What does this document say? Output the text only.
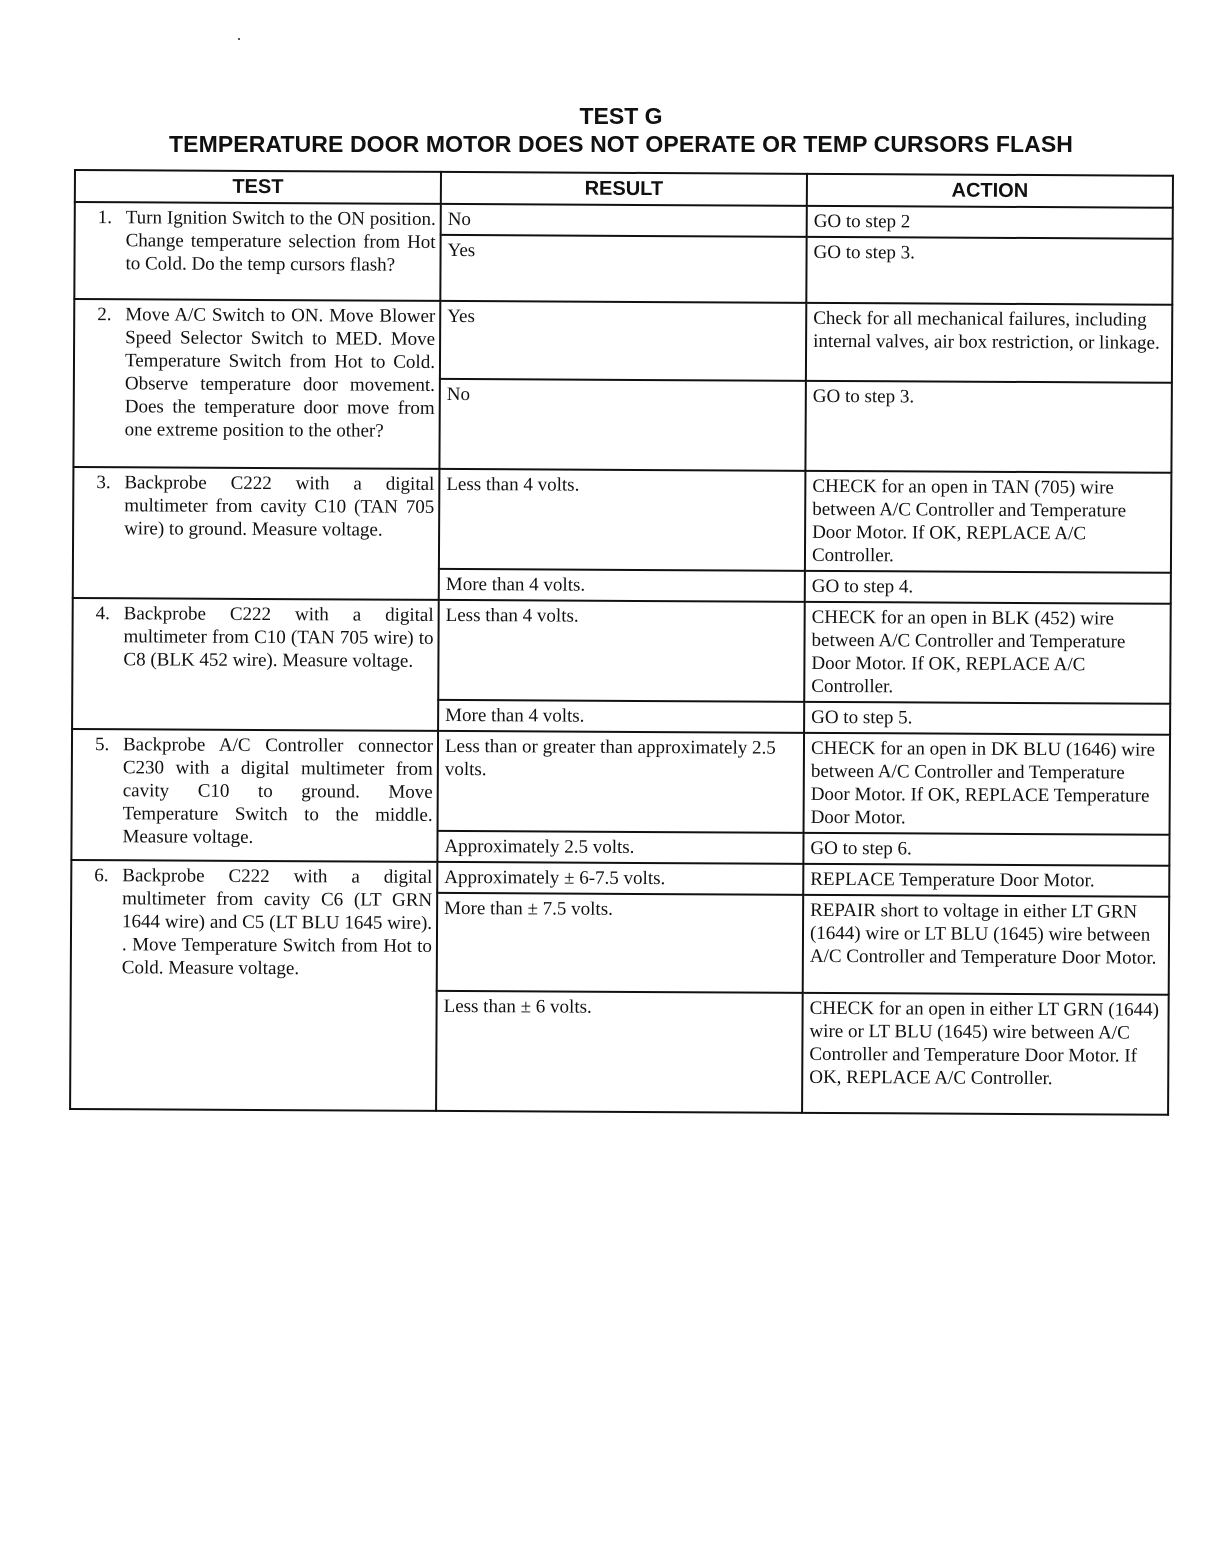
TEST G
TEMPERATURE DOOR MOTOR DOES NOT OPERATE OR TEMP CURSORS FLASH
TEST	RESULT	ACTION

1. Turn Ignition Switch to the ON position. Change temperature selection from Hot to Cold. Do the temp cursors flash?	No	GO to step 2

	Yes	GO to step 3.

2. Move A/C Switch to ON. Move Blower Speed Selector Switch to MED. Move Temperature Switch from Hot to Cold. Observe temperature door movement. Does the temperature door move from one extreme position to the other?	Yes	Check for all mechanical failures, including internal valves, air box restriction, or linkage.

	No	GO to step 3.

3. Backprobe C222 with a digital multimeter from cavity C10 (TAN 705 wire) to ground. Measure voltage.	Less than 4 volts.	CHECK for an open in TAN (705) wire between A/C Controller and Temperature Door Motor. If OK, REPLACE A/C Controller.

	More than 4 volts.	GO to step 4.

4. Backprobe C222 with a digital multimeter from C10 (TAN 705 wire) to C8 (BLK 452 wire). Measure voltage.	Less than 4 volts.	CHECK for an open in BLK (452) wire between A/C Controller and Temperature Door Motor. If OK, REPLACE A/C Controller.

	More than 4 volts.	GO to step 5.

5. Backprobe A/C Controller connector C230 with a digital multimeter from cavity C10 to ground. Move Temperature Switch to the middle. Measure voltage.	Less than or greater than approximately 2.5 volts.	CHECK for an open in DK BLU (1646) wire between A/C Controller and Temperature Door Motor. If OK, REPLACE Temperature Door Motor.

	Approximately 2.5 volts.	GO to step 6.

6. Backprobe C222 with a digital multimeter from cavity C6 (LT GRN 1644 wire) and C5 (LT BLU 1645 wire). . Move Temperature Switch from Hot to Cold. Measure voltage.	Approximately ± 6-7.5 volts.	REPLACE Temperature Door Motor.

	More than ± 7.5 volts.	REPAIR short to voltage in either LT GRN (1644) wire or LT BLU (1645) wire between A/C Controller and Temperature Door Motor.

	Less than ± 6 volts.	CHECK for an open in either LT GRN (1644) wire or LT BLU (1645) wire between A/C Controller and Temperature Door Motor. If OK, REPLACE A/C Controller.
